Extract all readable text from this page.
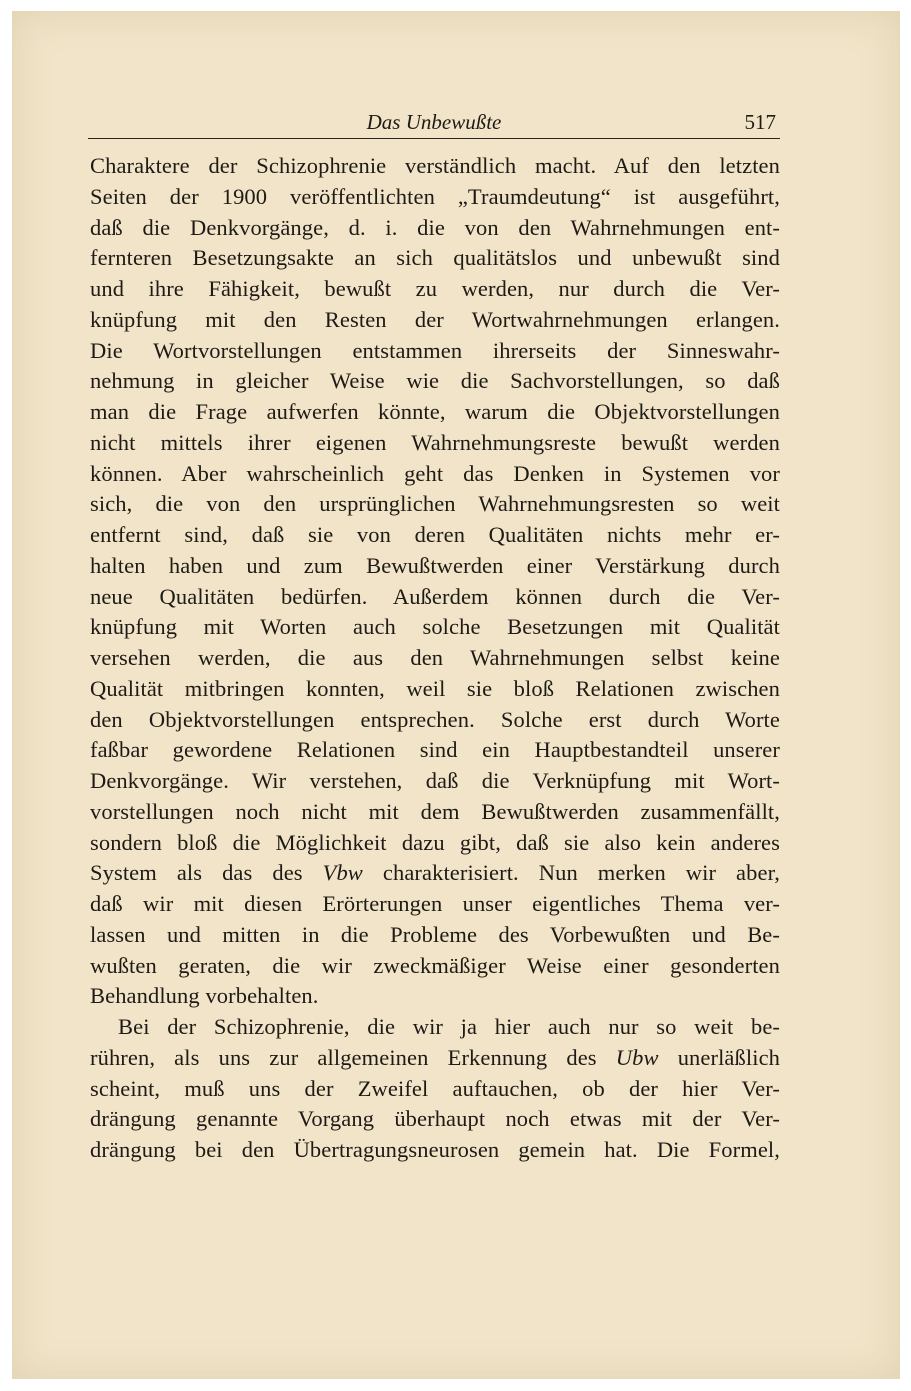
Das Unbewußte	517
Charaktere der Schizophrenie verständlich macht. Auf den letzten
Seiten der 1900 veröffentlichten „Traumdeutung“ ist ausgeführt,
daß die Denkvorgänge, d. i. die von den Wahrnehmungen ent-
fernteren Besetzungsakte an sich qualitätslos und unbewußt sind
und ihre Fähigkeit, bewußt zu werden, nur durch die Ver-
knüpfung mit den Resten der Wortwahrnehmungen erlangen.
Die Wortvorstellungen entstammen ihrerseits der Sinneswahr-
nehmung in gleicher Weise wie die Sachvorstellungen, so daß
man die Frage aufwerfen könnte, warum die Objektvorstellungen
nicht mittels ihrer eigenen Wahrnehmungsreste bewußt werden
können. Aber wahrscheinlich geht das Denken in Systemen vor
sich, die von den ursprünglichen Wahrnehmungsresten so weit
entfernt sind, daß sie von deren Qualitäten nichts mehr er-
halten haben und zum Bewußtwerden einer Verstärkung durch
neue Qualitäten bedürfen. Außerdem können durch die Ver-
knüpfung mit Worten auch solche Besetzungen mit Qualität
versehen werden, die aus den Wahrnehmungen selbst keine
Qualität mitbringen konnten, weil sie bloß Relationen zwischen
den Objektvorstellungen entsprechen. Solche erst durch Worte
faßbar gewordene Relationen sind ein Hauptbestandteil unserer
Denkvorgänge. Wir verstehen, daß die Verknüpfung mit Wort-
vorstellungen noch nicht mit dem Bewußtwerden zusammenfällt,
sondern bloß die Möglichkeit dazu gibt, daß sie also kein anderes
System als das des Vbw charakterisiert. Nun merken wir aber,
daß wir mit diesen Erörterungen unser eigentliches Thema ver-
lassen und mitten in die Probleme des Vorbewußten und Be-
wußten geraten, die wir zweckmäßiger Weise einer gesonderten
Behandlung vorbehalten.
Bei der Schizophrenie, die wir ja hier auch nur so weit be-
rühren, als uns zur allgemeinen Erkennung des Ubw unerläßlich
scheint, muß uns der Zweifel auftauchen, ob der hier Ver-
drängung genannte Vorgang überhaupt noch etwas mit der Ver-
drängung bei den Übertragungsneurosen gemein hat. Die Formel,
